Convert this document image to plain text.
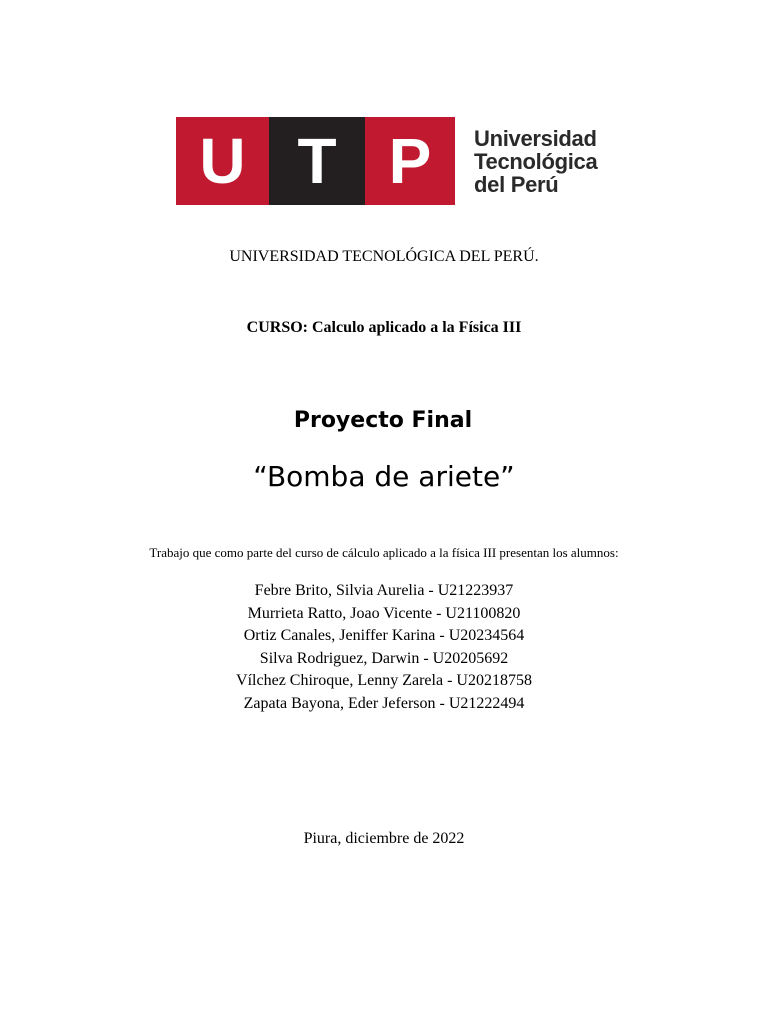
U T P	Universidad
Tecnológica
del Perú
UNIVERSIDAD TECNOLÓGICA DEL PERÚ.
CURSO: Calculo aplicado a la Física III
Proyecto Final
“Bomba de ariete”
Trabajo que como parte del curso de cálculo aplicado a la física III presentan los alumnos:
Febre Brito, Silvia Aurelia - U21223937
Murrieta Ratto, Joao Vicente - U21100820
Ortiz Canales, Jeniffer Karina - U20234564
Silva Rodriguez, Darwin - U20205692
Vílchez Chiroque, Lenny Zarela - U20218758
Zapata Bayona, Eder Jeferson - U21222494
Piura, diciembre de 2022
